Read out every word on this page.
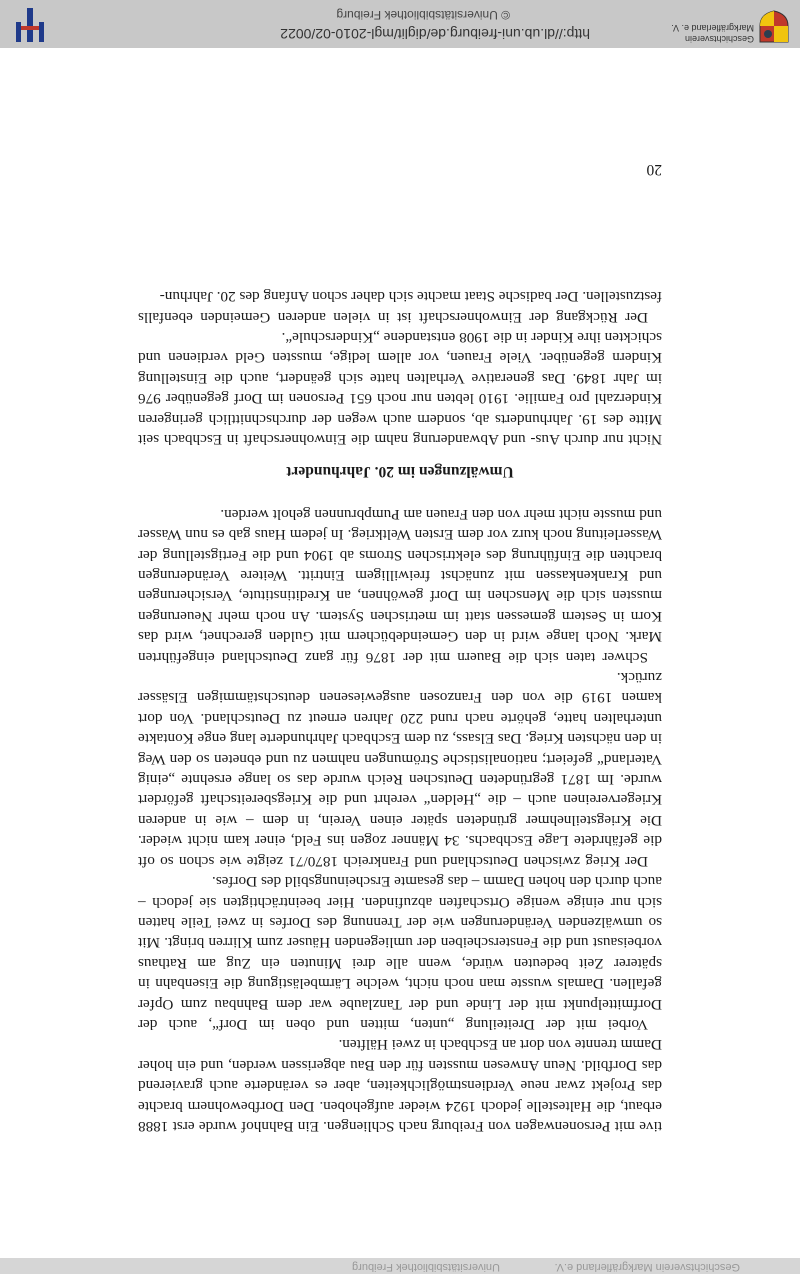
Universitätsbibliothek Freiburg	Geschichtsverein Markgräflerland e.V.

tive mit Personenwagen von Freiburg nach Schliengen. Ein Bahnhof wurde erst 1888 erbaut, die Haltestelle jedoch 1924 wieder aufgehoben. Den Dorfbewohnern brachte das Projekt zwar neue Verdienstmöglichkeiten, aber es veränderte auch gravierend das Dorfbild. Neun Anwesen mussten für den Bau abgerissen werden, und ein hoher Damm trennte von dort an Eschbach in zwei Hälften.

Vorbei mit der Dreiteilung „unten, mitten und oben im Dorf“, auch der Dorfmittelpunkt mit der Linde und der Tanzlaube war dem Bahnbau zum Opfer gefallen. Damals wusste man noch nicht, welche Lärmbelästigung die Eisenbahn in späterer Zeit bedeuten würde, wenn alle drei Minuten ein Zug am Rathaus vorbeisaust und die Fensterscheiben der umliegenden Häuser zum Klirren bringt. Mit so umwälzenden Veränderungen wie der Trennung des Dorfes in zwei Teile hatten sich nur einige wenige Ortschaften abzufinden. Hier beeinträchtigten sie jedoch – auch durch den hohen Damm – das gesamte Erscheinungsbild des Dorfes.

Der Krieg zwischen Deutschland und Frankreich 1870/71 zeigte wie schon so oft die gefährdete Lage Eschbachs. 34 Männer zogen ins Feld, einer kam nicht wieder. Die Kriegsteilnehmer gründeten später einen Verein, in dem – wie in anderen Kriegervereinen auch – die „Helden“ verehrt und die Kriegsbereitschaft gefördert wurde. Im 1871 gegründeten Deutschen Reich wurde das so lange ersehnte „einig Vaterland“ gefeiert; nationalistische Strömungen nahmen zu und ebneten so den Weg in den nächsten Krieg. Das Elsass, zu dem Eschbach Jahrhunderte lang enge Kontakte unterhalten hatte, gehörte nach rund 220 Jahren erneut zu Deutschland. Von dort kamen 1919 die von den Franzosen ausgewiesenen deutschstämmigen Elsässer zurück.

Schwer taten sich die Bauern mit der 1876 für ganz Deutschland eingeführten Mark. Noch lange wird in den Gemeindebüchern mit Gulden gerechnet, wird das Korn in Sestern gemessen statt im metrischen System. An noch mehr Neuerungen mussten sich die Menschen im Dorf gewöhnen, an Kreditinstitute, Versicherungen und Krankenkassen mit zunächst freiwilligem Eintritt. Weitere Veränderungen brachten die Einführung des elektrischen Stroms ab 1904 und die Fertigstellung der Wasserleitung noch kurz vor dem Ersten Weltkrieg. In jedem Haus gab es nun Wasser und musste nicht mehr von den Frauen am Pumpbrunnen geholt werden.

Umwälzungen im 20. Jahrhundert

Nicht nur durch Aus- und Abwanderung nahm die Einwohnerschaft in Eschbach seit Mitte des 19. Jahrhunderts ab, sondern auch wegen der durchschnittlich geringeren Kinderzahl pro Familie. 1910 lebten nur noch 651 Personen im Dorf gegenüber 976 im Jahr 1849. Das generative Verhalten hatte sich geändert, auch die Einstellung Kindern gegenüber. Viele Frauen, vor allem ledige, mussten Geld verdienen und schickten ihre Kinder in die 1908 entstandene „Kinderschule“.

Der Rückgang der Einwohnerschaft ist in vielen anderen Gemeinden ebenfalls festzustellen. Der badische Staat machte sich daher schon Anfang des 20. Jahrhun-

20
Geschichtsverein
Markgräflerland e. V.
http://dl.ub.uni-freiburg.de/diglit/mgl-2010-02/0022
© Universitätsbibliothek Freiburg
